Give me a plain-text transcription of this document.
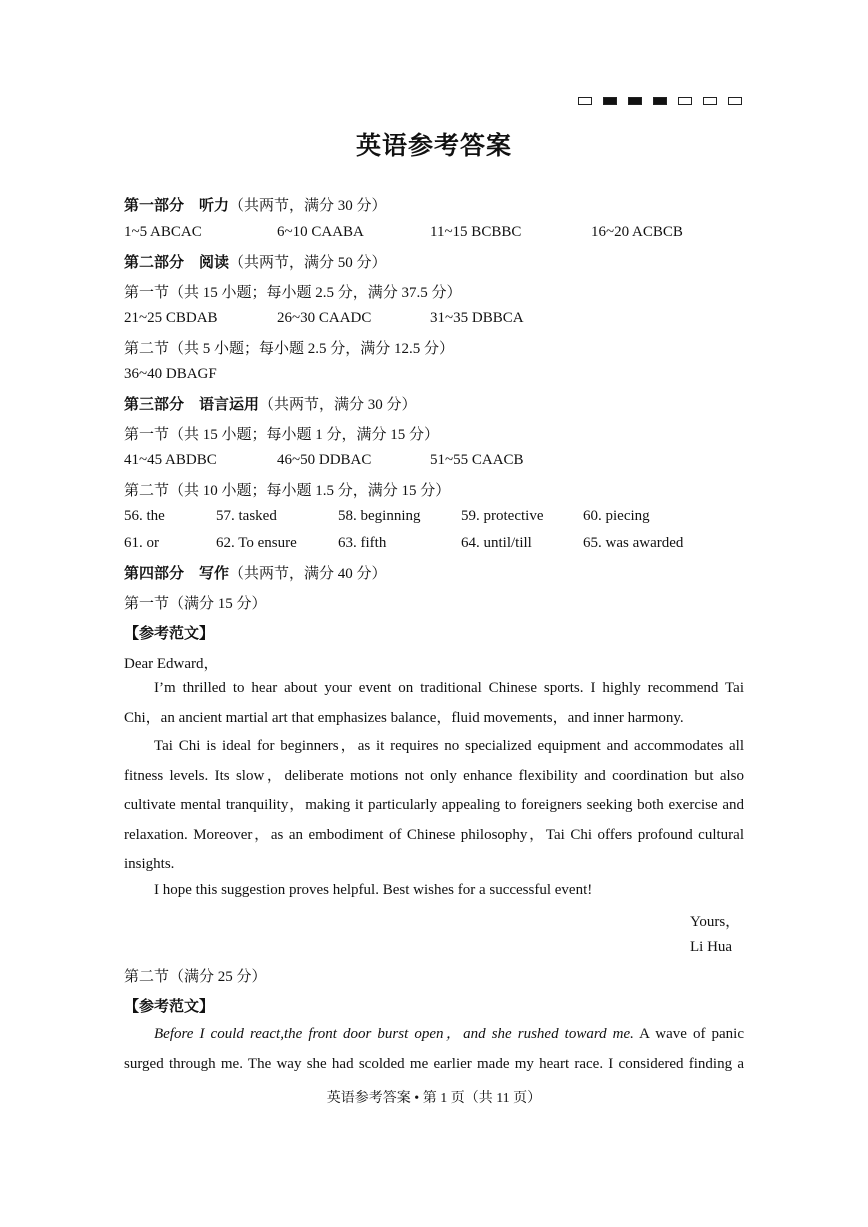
英语参考答案
第一部分　听力（共两节，满分 30 分）
1~5 ABCAC	6~10 CAABA	11~15 BCBBC	16~20 ACBCB
第二部分　阅读（共两节，满分 50 分）
第一节（共 15 小题；每小题 2.5 分，满分 37.5 分）
21~25 CBDAB	26~30 CAADC	31~35 DBBCA
第二节（共 5 小题；每小题 2.5 分，满分 12.5 分）
36~40 DBAGF
第三部分　语言运用（共两节，满分 30 分）
第一节（共 15 小题；每小题 1 分，满分 15 分）
41~45 ABDBC	46~50 DDBAC	51~55 CAACB
第二节（共 10 小题；每小题 1.5 分，满分 15 分）
56. the	57. tasked	58. beginning	59. protective	60. piecing
61. or	62. To ensure	63. fifth	64. until/till	65. was awarded
第四部分　写作（共两节，满分 40 分）
第一节（满分 15 分）
【参考范文】
Dear Edward，
I’m thrilled to hear about your event on traditional Chinese sports. I highly recommend Tai
Chi，an ancient martial art that emphasizes balance，fluid movements，and inner harmony.
Tai Chi is ideal for beginners，as it requires no specialized equipment and accommodates all
fitness levels. Its slow，deliberate motions not only enhance flexibility and coordination but also
cultivate mental tranquility，making it particularly appealing to foreigners seeking both exercise and
relaxation. Moreover，as an embodiment of Chinese philosophy，Tai Chi offers profound cultural
insights.
I hope this suggestion proves helpful. Best wishes for a successful event!
Yours，
Li Hua
第二节（满分 25 分）
【参考范文】
Before I could react,the front door burst open，and she rushed toward me. A wave of panic
surged through me. The way she had scolded me earlier made my heart race. I considered finding a
英语参考答案 • 第 1 页（共 11 页）
